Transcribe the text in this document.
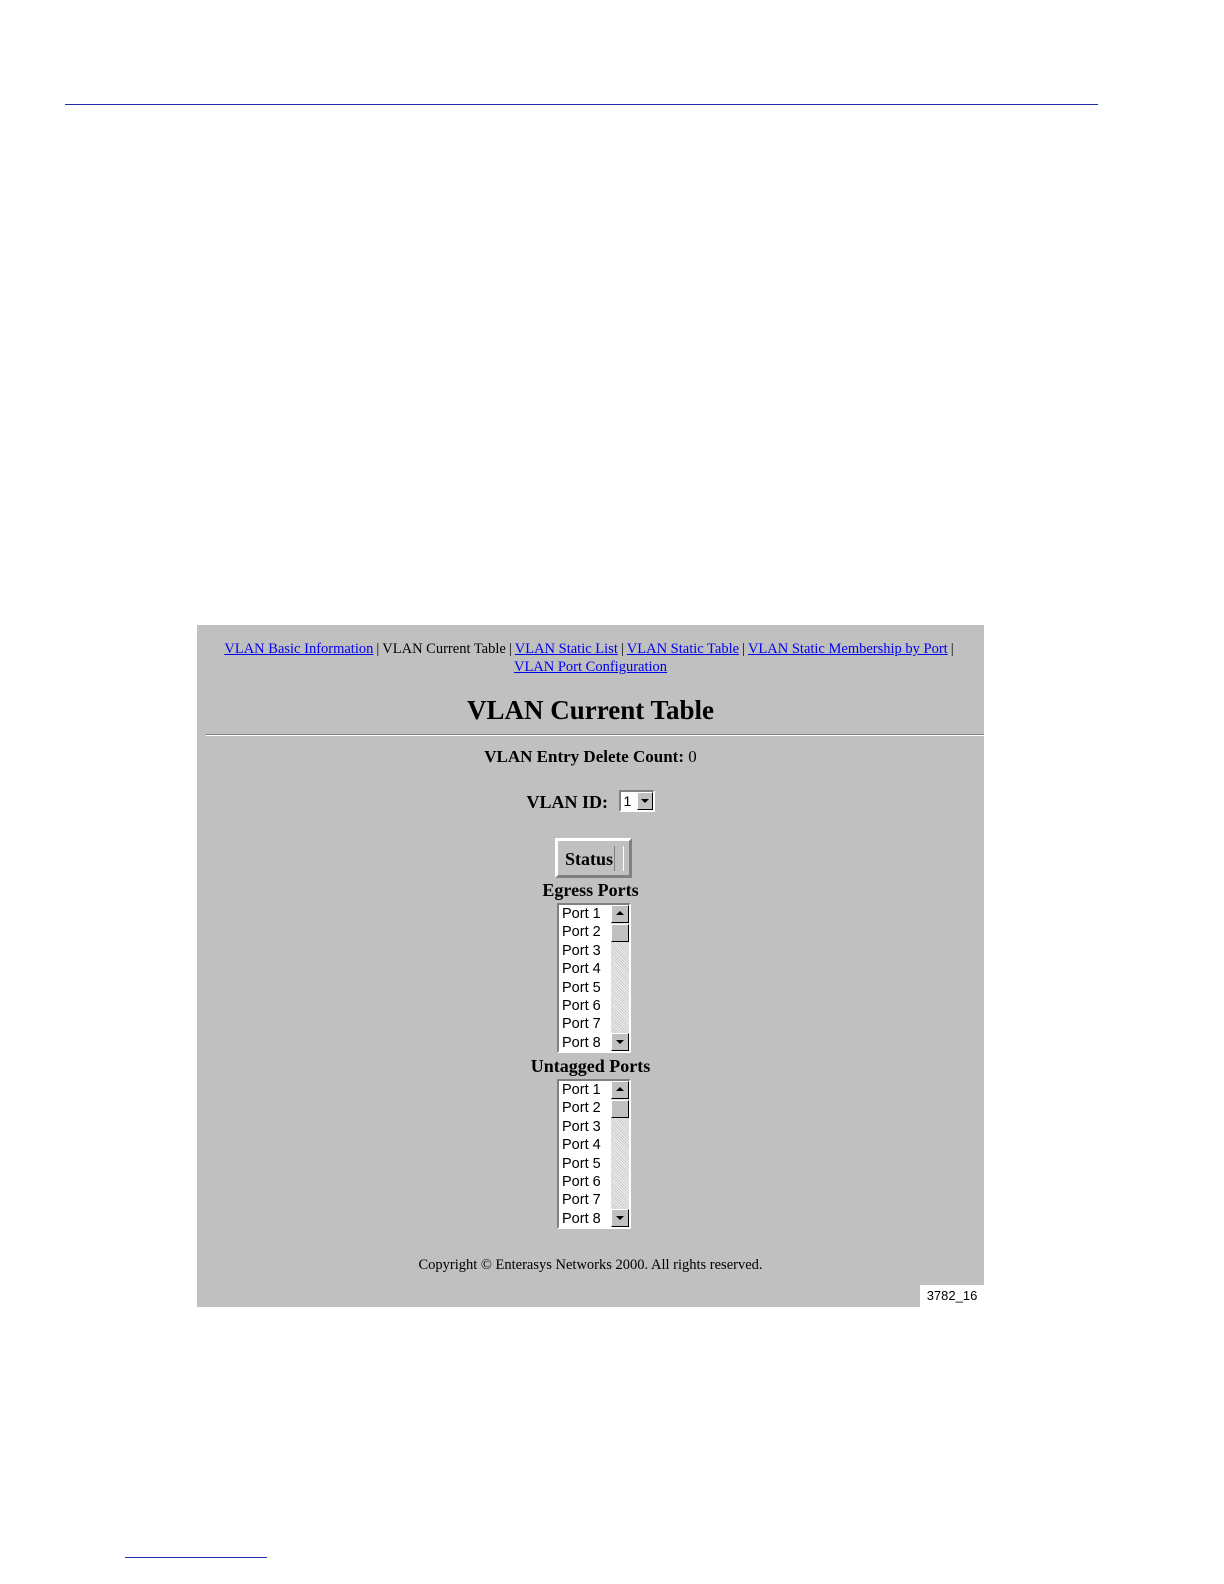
VLAN Basic Information | VLAN Current Table | VLAN Static List | VLAN Static Table | VLAN Static Membership by Port |
VLAN Port Configuration
VLAN Current Table
VLAN Entry Delete Count: 0
VLAN ID: 1
Status
Egress Ports
Port 1
Port 2
Port 3
Port 4
Port 5
Port 6
Port 7
Port 8
Untagged Ports
Port 1
Port 2
Port 3
Port 4
Port 5
Port 6
Port 7
Port 8
Copyright © Enterasys Networks 2000. All rights reserved.
3782_16
